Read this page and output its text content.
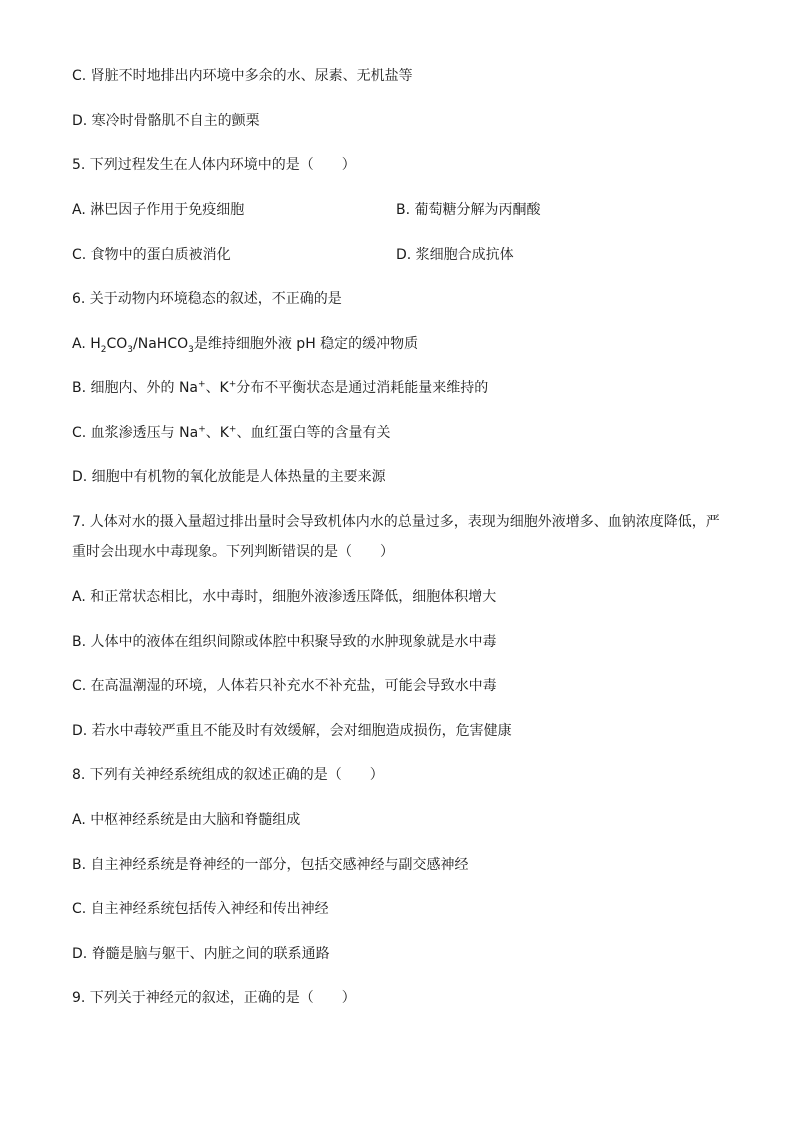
C. 肾脏不时地排出内环境中多余的水、尿素、无机盐等
D. 寒冷时骨骼肌不自主的颤栗
5. 下列过程发生在人体内环境中的是（　　）
A. 淋巴因子作用于免疫细胞	B. 葡萄糖分解为丙酮酸
C. 食物中的蛋白质被消化	D. 浆细胞合成抗体
6. 关于动物内环境稳态的叙述，不正确的是
A. $H_2CO_3/NaHCO_3$是维持细胞外液 pH 稳定的缓冲物质
B. 细胞内、外的 Na+、K+分布不平衡状态是通过消耗能量来维持的
C. 血浆渗透压与 Na+、K+、血红蛋白等的含量有关
D. 细胞中有机物的氧化放能是人体热量的主要来源
7. 人体对水的摄入量超过排出量时会导致机体内水的总量过多，表现为细胞外液增多、血钠浓度降低，严重时会出现水中毒现象。下列判断错误的是（　　）
A. 和正常状态相比，水中毒时，细胞外液渗透压降低，细胞体积增大
B. 人体中的液体在组织间隙或体腔中积聚导致的水肿现象就是水中毒
C. 在高温潮湿的环境，人体若只补充水不补充盐，可能会导致水中毒
D. 若水中毒较严重且不能及时有效缓解，会对细胞造成损伤，危害健康
8. 下列有关神经系统组成的叙述正确的是（　　）
A. 中枢神经系统是由大脑和脊髓组成
B. 自主神经系统是脊神经的一部分，包括交感神经与副交感神经
C. 自主神经系统包括传入神经和传出神经
D. 脊髓是脑与躯干、内脏之间的联系通路
9. 下列关于神经元的叙述，正确的是（　　）
